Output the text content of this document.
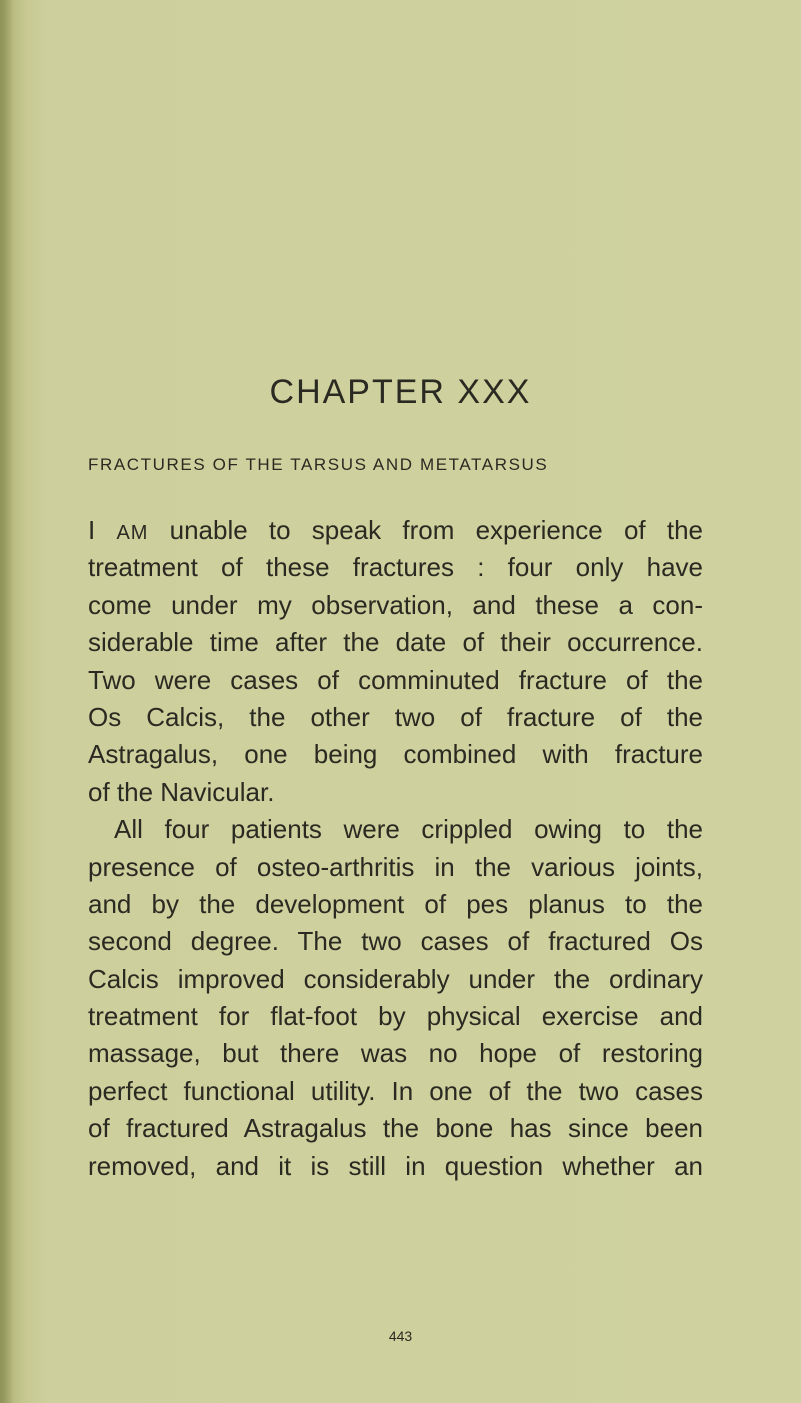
CHAPTER XXX
FRACTURES OF THE TARSUS AND METATARSUS
I AM unable to speak from experience of the
treatment of these fractures : four only have
come under my observation, and these a con-
siderable time after the date of their occurrence.
Two were cases of comminuted fracture of the
Os Calcis, the other two of fracture of the
Astragalus, one being combined with fracture
of the Navicular.
All four patients were crippled owing to the
presence of osteo-arthritis in the various joints,
and by the development of pes planus to the
second degree. The two cases of fractured Os
Calcis improved considerably under the ordinary
treatment for flat-foot by physical exercise and
massage, but there was no hope of restoring
perfect functional utility. In one of the two cases
of fractured Astragalus the bone has since been
removed, and it is still in question whether an
443
